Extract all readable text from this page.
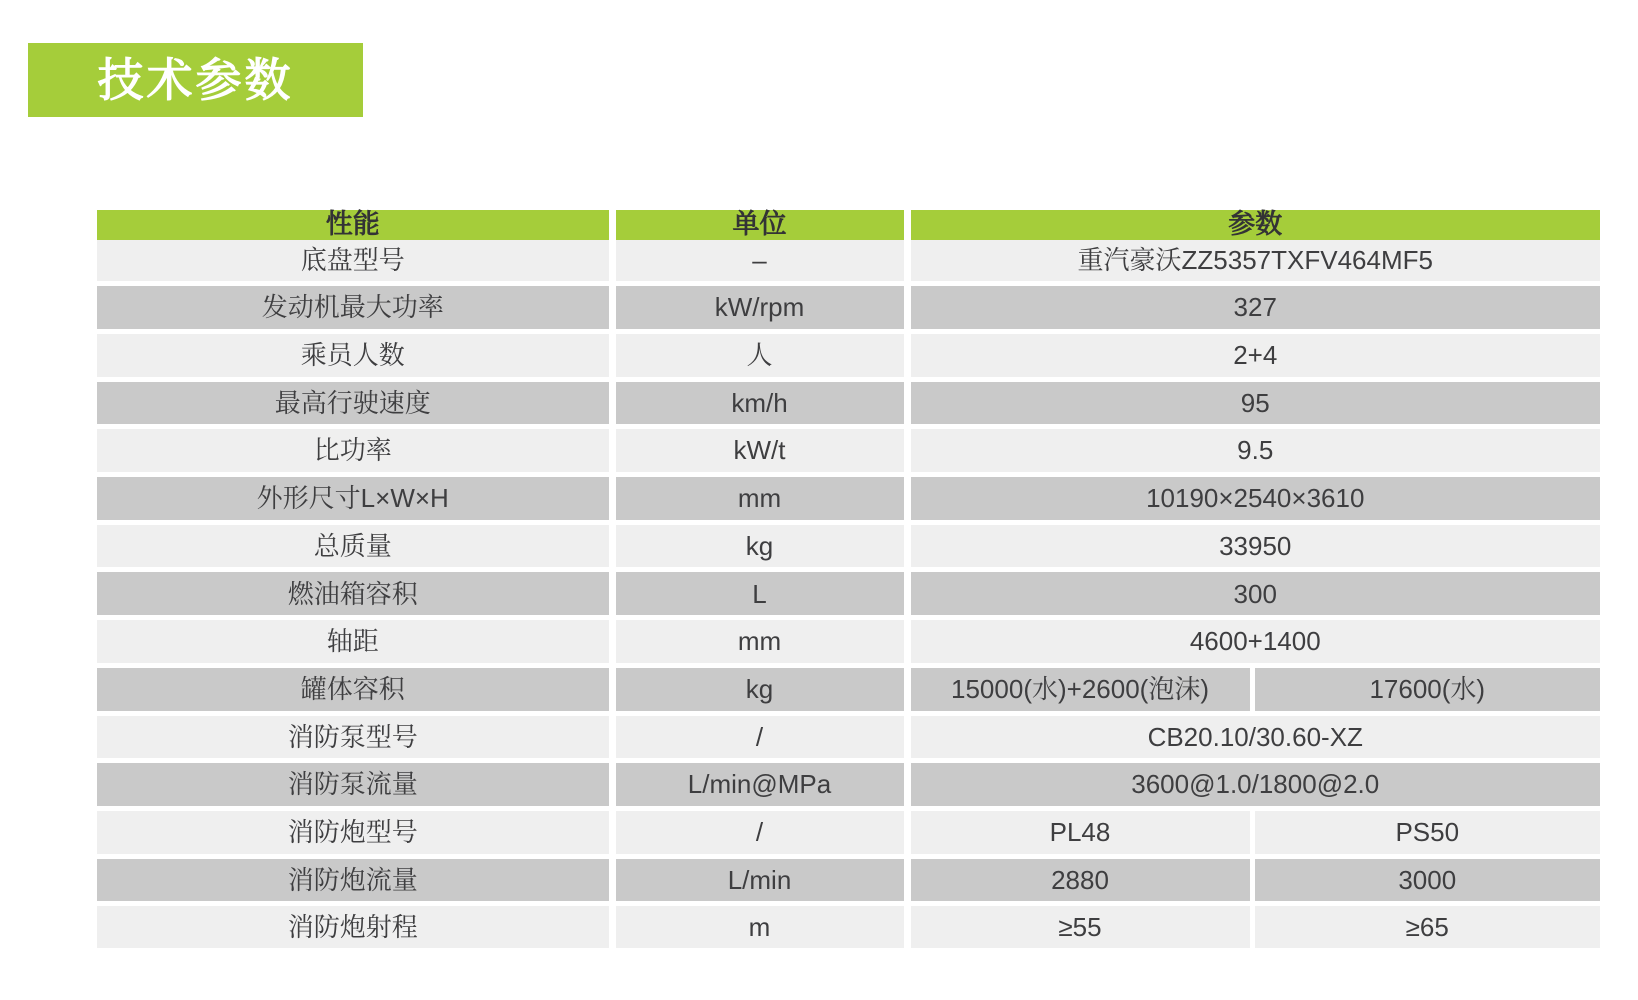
技术参数
性能	单位	参数	
底盘型号	–	重汽豪沃ZZ5357TXFV464MF5	
发动机最大功率	kW/rpm	327	
乘员人数	人	2+4	
最高行驶速度	km/h	95	
比功率	kW/t	9.5	
外形尺寸L×W×H	mm	10190×2540×3610	
总质量	kg	33950	
燃油箱容积	L	300	
轴距	mm	4600+1400	
罐体容积	kg	15000(水)+2600(泡沫)	17600(水)
消防泵型号	/	CB20.10/30.60-XZ	
消防泵流量	L/min@MPa	3600@1.0/1800@2.0	
消防炮型号	/	PL48	PS50
消防炮流量	L/min	2880	3000
消防炮射程	m	≥55	≥65
